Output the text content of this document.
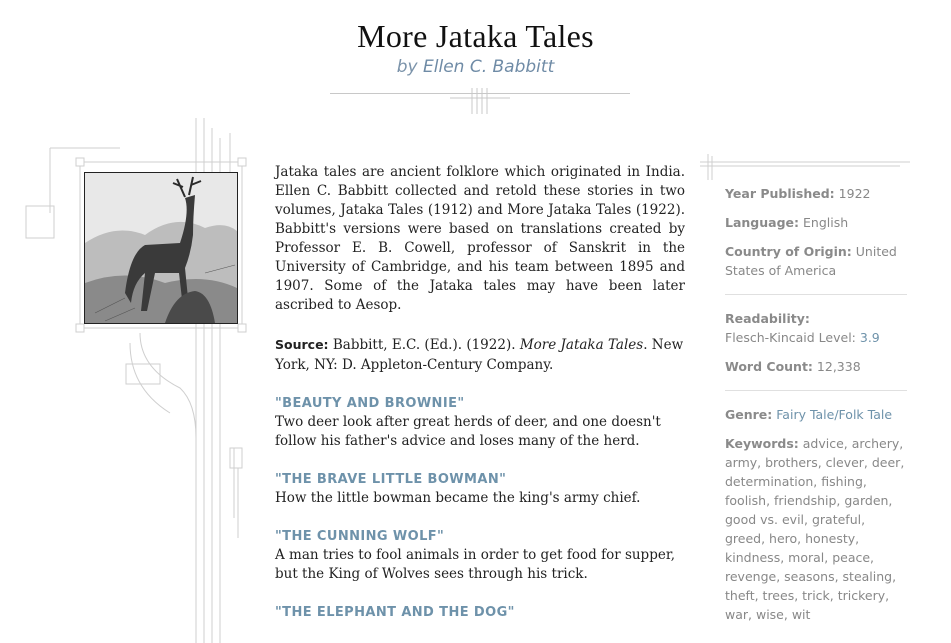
More Jataka Tales
by Ellen C. Babbitt

Jataka tales are ancient folklore which originated in India. Ellen C. Babbitt collected and retold these stories in two volumes, Jataka Tales (1912) and More Jataka Tales (1922). Babbitt's versions were based on translations created by Professor E. B. Cowell, professor of Sanskrit in the University of Cambridge, and his team between 1895 and 1907. Some of the Jataka tales may have been later ascribed to Aesop.

Source: Babbitt, E.C. (Ed.). (1922). More Jataka Tales. New York, NY: D. Appleton-Century Company.

"BEAUTY AND BROWNIE"

Two deer look after great herds of deer, and one doesn't follow his father's advice and loses many of the herd.

"THE BRAVE LITTLE BOWMAN"

How the little bowman became the king's army chief.

"THE CUNNING WOLF"

A man tries to fool animals in order to get food for supper, but the King of Wolves sees through his trick.

"THE ELEPHANT AND THE DOG"
Year Published: 1922
Language: English
Country of Origin: United States of America
Readability:
Flesch-Kincaid Level: 3.9
Word Count: 12,338
Genre: Fairy Tale/Folk Tale
Keywords: advice, archery, army, brothers, clever, deer, determination, fishing, foolish, friendship, garden, good vs. evil, grateful, greed, hero, honesty, kindness, moral, peace, revenge, seasons, stealing, theft, trees, trick, trickery, war, wise, wit
